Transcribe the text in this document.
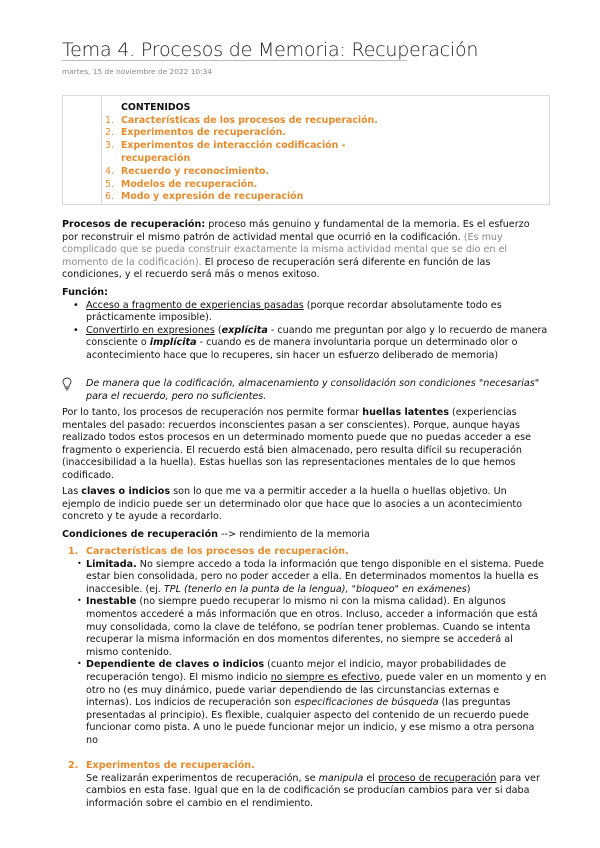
Tema 4. Procesos de Memoria: Recuperación
martes, 15 de noviembre de 2022 10:34
CONTENIDOS
1. Características de los procesos de recuperación.
2. Experimentos de recuperación.
3. Experimentos de interacción codificación -
recuperación
4. Recuerdo y reconocimiento.
5. Modelos de recuperación.
6. Modo y expresión de recuperación

Procesos de recuperación: proceso más genuino y fundamental de la memoria. Es el esfuerzo por reconstruir el mismo patrón de actividad mental que ocurrió en la codificación. (Es muy complicado que se pueda construir exactamente la misma actividad mental que se dio en el momento de la codificación). El proceso de recuperación será diferente en función de las condiciones, y el recuerdo será más o menos exitoso.

Función:

• Acceso a fragmento de experiencias pasadas (porque recordar absolutamente todo es prácticamente imposible).

• Convertirlo en expresiones (explícita - cuando me preguntan por algo y lo recuerdo de manera consciente o implícita - cuando es de manera involuntaria porque un determinado olor o acontecimiento hace que lo recuperes, sin hacer un esfuerzo deliberado de memoria)

De manera que la codificación, almacenamiento y consolidación son condiciones "necesarias" para el recuerdo, pero no suficientes.

Por lo tanto, los procesos de recuperación nos permite formar huellas latentes (experiencias mentales del pasado: recuerdos inconscientes pasan a ser conscientes). Porque, aunque hayas realizado todos estos procesos en un determinado momento puede que no puedas acceder a ese fragmento o experiencia. El recuerdo está bien almacenado, pero resulta difícil su recuperación (inaccesibilidad a la huella). Estas huellas son las representaciones mentales de lo que hemos codificado.

Las claves o indicios son lo que me va a permitir acceder a la huella o huellas objetivo. Un ejemplo de indicio puede ser un determinado olor que hace que lo asocies a un acontecimiento concreto y te ayude a recordarlo.

Condiciones de recuperación --> rendimiento de la memoria

1. Características de los procesos de recuperación.

• Limitada. No siempre accedo a toda la información que tengo disponible en el sistema. Puede estar bien consolidada, pero no poder acceder a ella. En determinados momentos la huella es inaccesible. (ej. TPL (tenerlo en la punta de la lengua), "bloqueo" en exámenes)

• Inestable (no siempre puedo recuperar lo mismo ni con la misma calidad). En algunos momentos accederé a más información que en otros. Incluso, acceder a información que está muy consolidada, como la clave de teléfono, se podrían tener problemas. Cuando se intenta recuperar la misma información en dos momentos diferentes, no siempre se accederá al mismo contenido.

• Dependiente de claves o indicios (cuanto mejor el indicio, mayor probabilidades de recuperación tengo). El mismo indicio no siempre es efectivo, puede valer en un momento y en otro no (es muy dinámico, puede variar dependiendo de las circunstancias externas e internas). Los indicios de recuperación son especificaciones de búsqueda (las preguntas presentadas al principio). Es flexible, cualquier aspecto del contenido de un recuerdo puede funcionar como pista. A uno le puede funcionar mejor un indicio, y ese mismo a otra persona no

2. Experimentos de recuperación.

Se realizarán experimentos de recuperación, se manipula el proceso de recuperación para ver cambios en esta fase. Igual que en la de codificación se producían cambios para ver si daba información sobre el cambio en el rendimiento.
